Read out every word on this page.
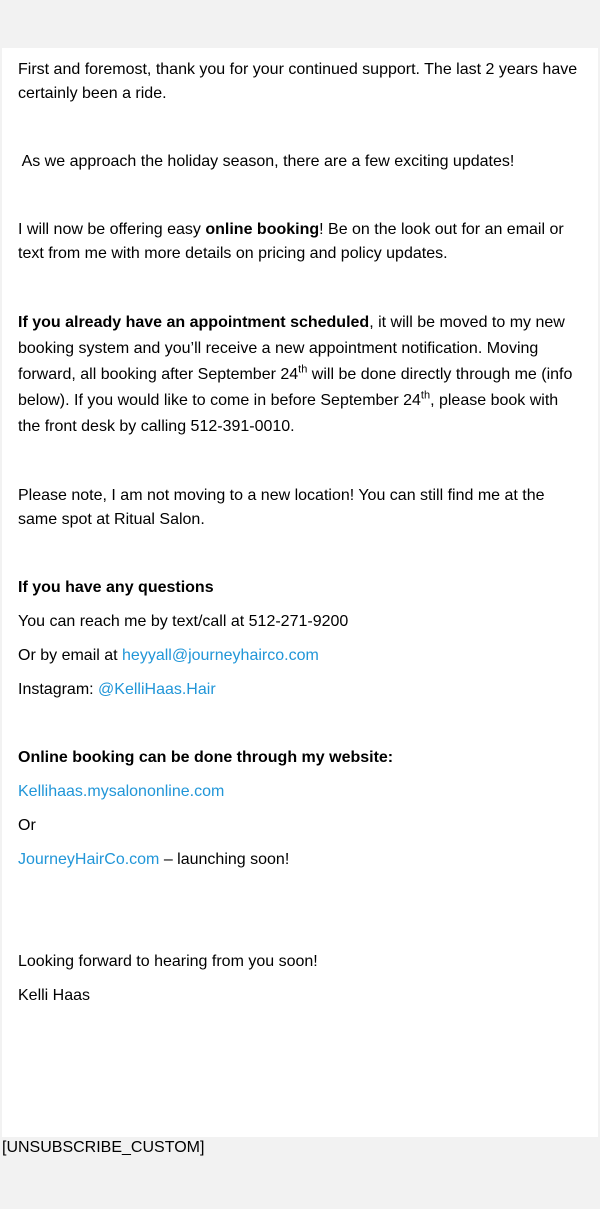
First and foremost, thank you for your continued support. The last 2 years have certainly been a ride.

As we approach the holiday season, there are a few exciting updates!

I will now be offering easy online booking! Be on the look out for an email or text from me with more details on pricing and policy updates.

If you already have an appointment scheduled, it will be moved to my new booking system and you’ll receive a new appointment notification. Moving forward, all booking after September 24th will be done directly through me (info below). If you would like to come in before September 24th, please book with the front desk by calling 512-391-0010.

Please note, I am not moving to a new location! You can still find me at the same spot at Ritual Salon.

If you have any questions

You can reach me by text/call at 512-271-9200

Or by email at heyyall@journeyhairco.com

Instagram: @KelliHaas.Hair

Online booking can be done through my website:

Kellihaas.mysalononline.com

Or

JourneyHairCo.com – launching soon!

Looking forward to hearing from you soon!

Kelli Haas

[UNSUBSCRIBE_CUSTOM]
